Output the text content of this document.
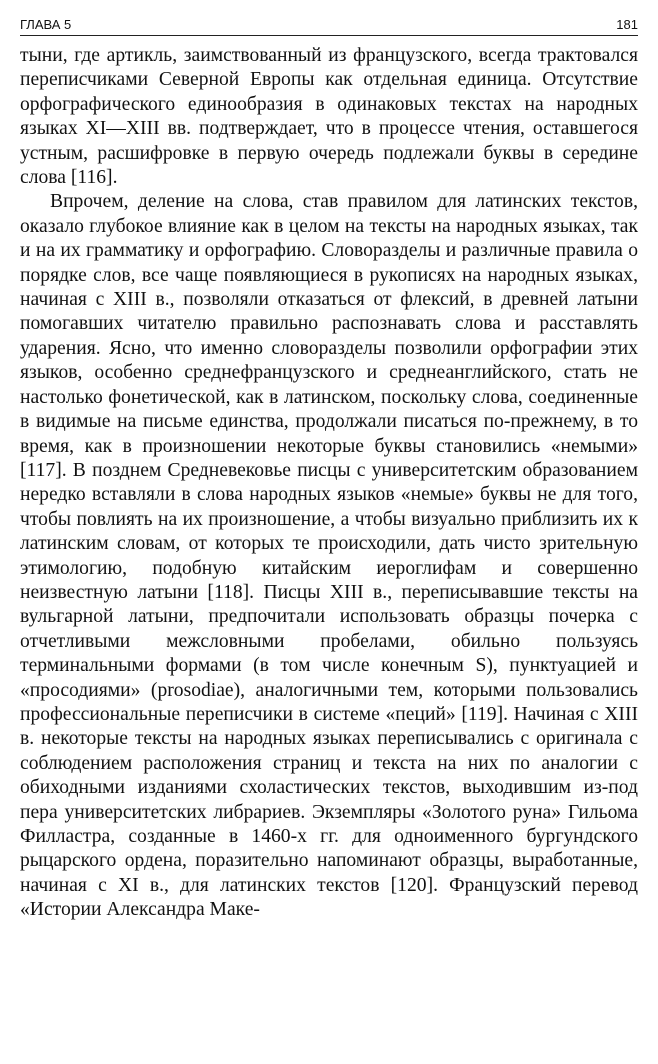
ГЛАВА 5	181

тыни, где артикль, заимствованный из французского, всегда трактовался переписчиками Северной Европы как отдельная единица. Отсутствие орфографического единообразия в одинаковых текстах на народных языках XI—XIII вв. подтверждает, что в процессе чтения, оставшегося устным, расшифровке в первую очередь подлежали буквы в середине слова [116].

Впрочем, деление на слова, став правилом для латинских текстов, оказало глубокое влияние как в целом на тексты на народных языках, так и на их грамматику и орфографию. Словоразделы и различные правила о порядке слов, все чаще появляющиеся в рукописях на народных языках, начиная с XIII в., позволяли отказаться от флексий, в древней латыни помогавших читателю правильно распознавать слова и расставлять ударения. Ясно, что именно словоразделы позволили орфографии этих языков, особенно среднефранцузского и среднеанглийского, стать не настолько фонетической, как в латинском, поскольку слова, соединенные в видимые на письме единства, продолжали писаться по-прежнему, в то время, как в произношении некоторые буквы становились «немыми» [117]. В позднем Средневековье писцы с университетским образованием нередко вставляли в слова народных языков «немые» буквы не для того, чтобы повлиять на их произношение, а чтобы визуально приблизить их к латинским словам, от которых те происходили, дать чисто зрительную этимологию, подобную китайским иероглифам и совершенно неизвестную латыни [118]. Писцы XIII в., переписывавшие тексты на вульгарной латыни, предпочитали использовать образцы почерка с отчетливыми межсловными пробелами, обильно пользуясь терминальными формами (в том числе конечным S), пунктуацией и «просодиями» (prosodiae), аналогичными тем, которыми пользовались профессиональные переписчики в системе «пеций» [119]. Начиная с XIII в. некоторые тексты на народных языках переписывались с оригинала с соблюдением расположения страниц и текста на них по аналогии с обиходными изданиями схоластических текстов, выходившим из-под пера университетских либрариев. Экземпляры «Золотого руна» Гильома Филластра, созданные в 1460-х гг. для одноименного бургундского рыцарского ордена, поразительно напоминают образцы, выработанные, начиная с XI в., для латинских текстов [120]. Французский перевод «Истории Александра Маке-
